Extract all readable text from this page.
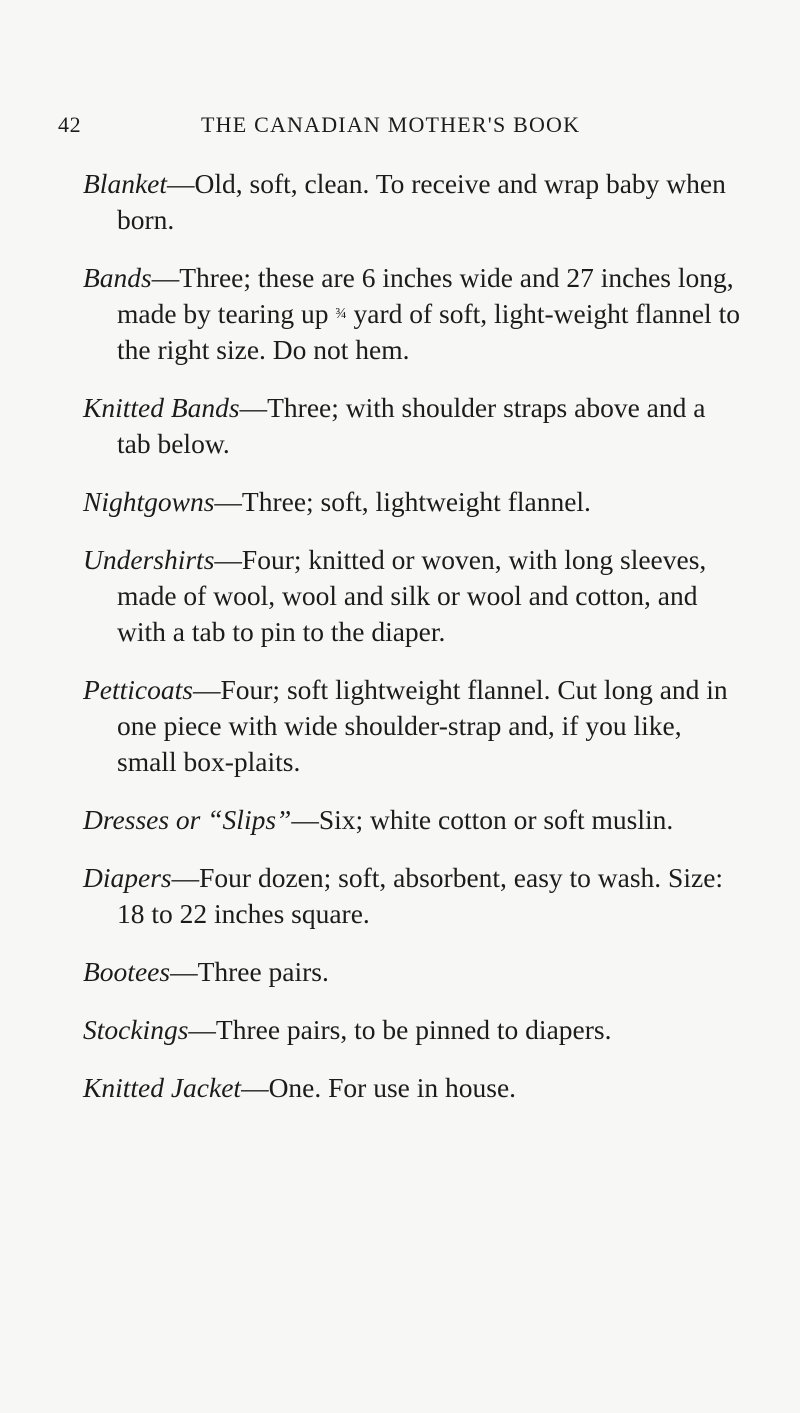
42	THE CANADIAN MOTHER'S BOOK

Blanket—Old, soft, clean. To receive and wrap baby when born.

Bands—Three; these are 6 inches wide and 27 inches long, made by tearing up ¾ yard of soft, light-weight flannel to the right size. Do not hem.

Knitted Bands—Three; with shoulder straps above and a tab below.

Nightgowns—Three; soft, lightweight flannel.

Undershirts—Four; knitted or woven, with long sleeves, made of wool, wool and silk or wool and cotton, and with a tab to pin to the diaper.

Petticoats—Four; soft lightweight flannel. Cut long and in one piece with wide shoulder-strap and, if you like, small box-plaits.

Dresses or “Slips”—Six; white cotton or soft muslin.

Diapers—Four dozen; soft, absorbent, easy to wash. Size: 18 to 22 inches square.

Bootees—Three pairs.

Stockings—Three pairs, to be pinned to diapers.

Knitted Jacket—One. For use in house.
